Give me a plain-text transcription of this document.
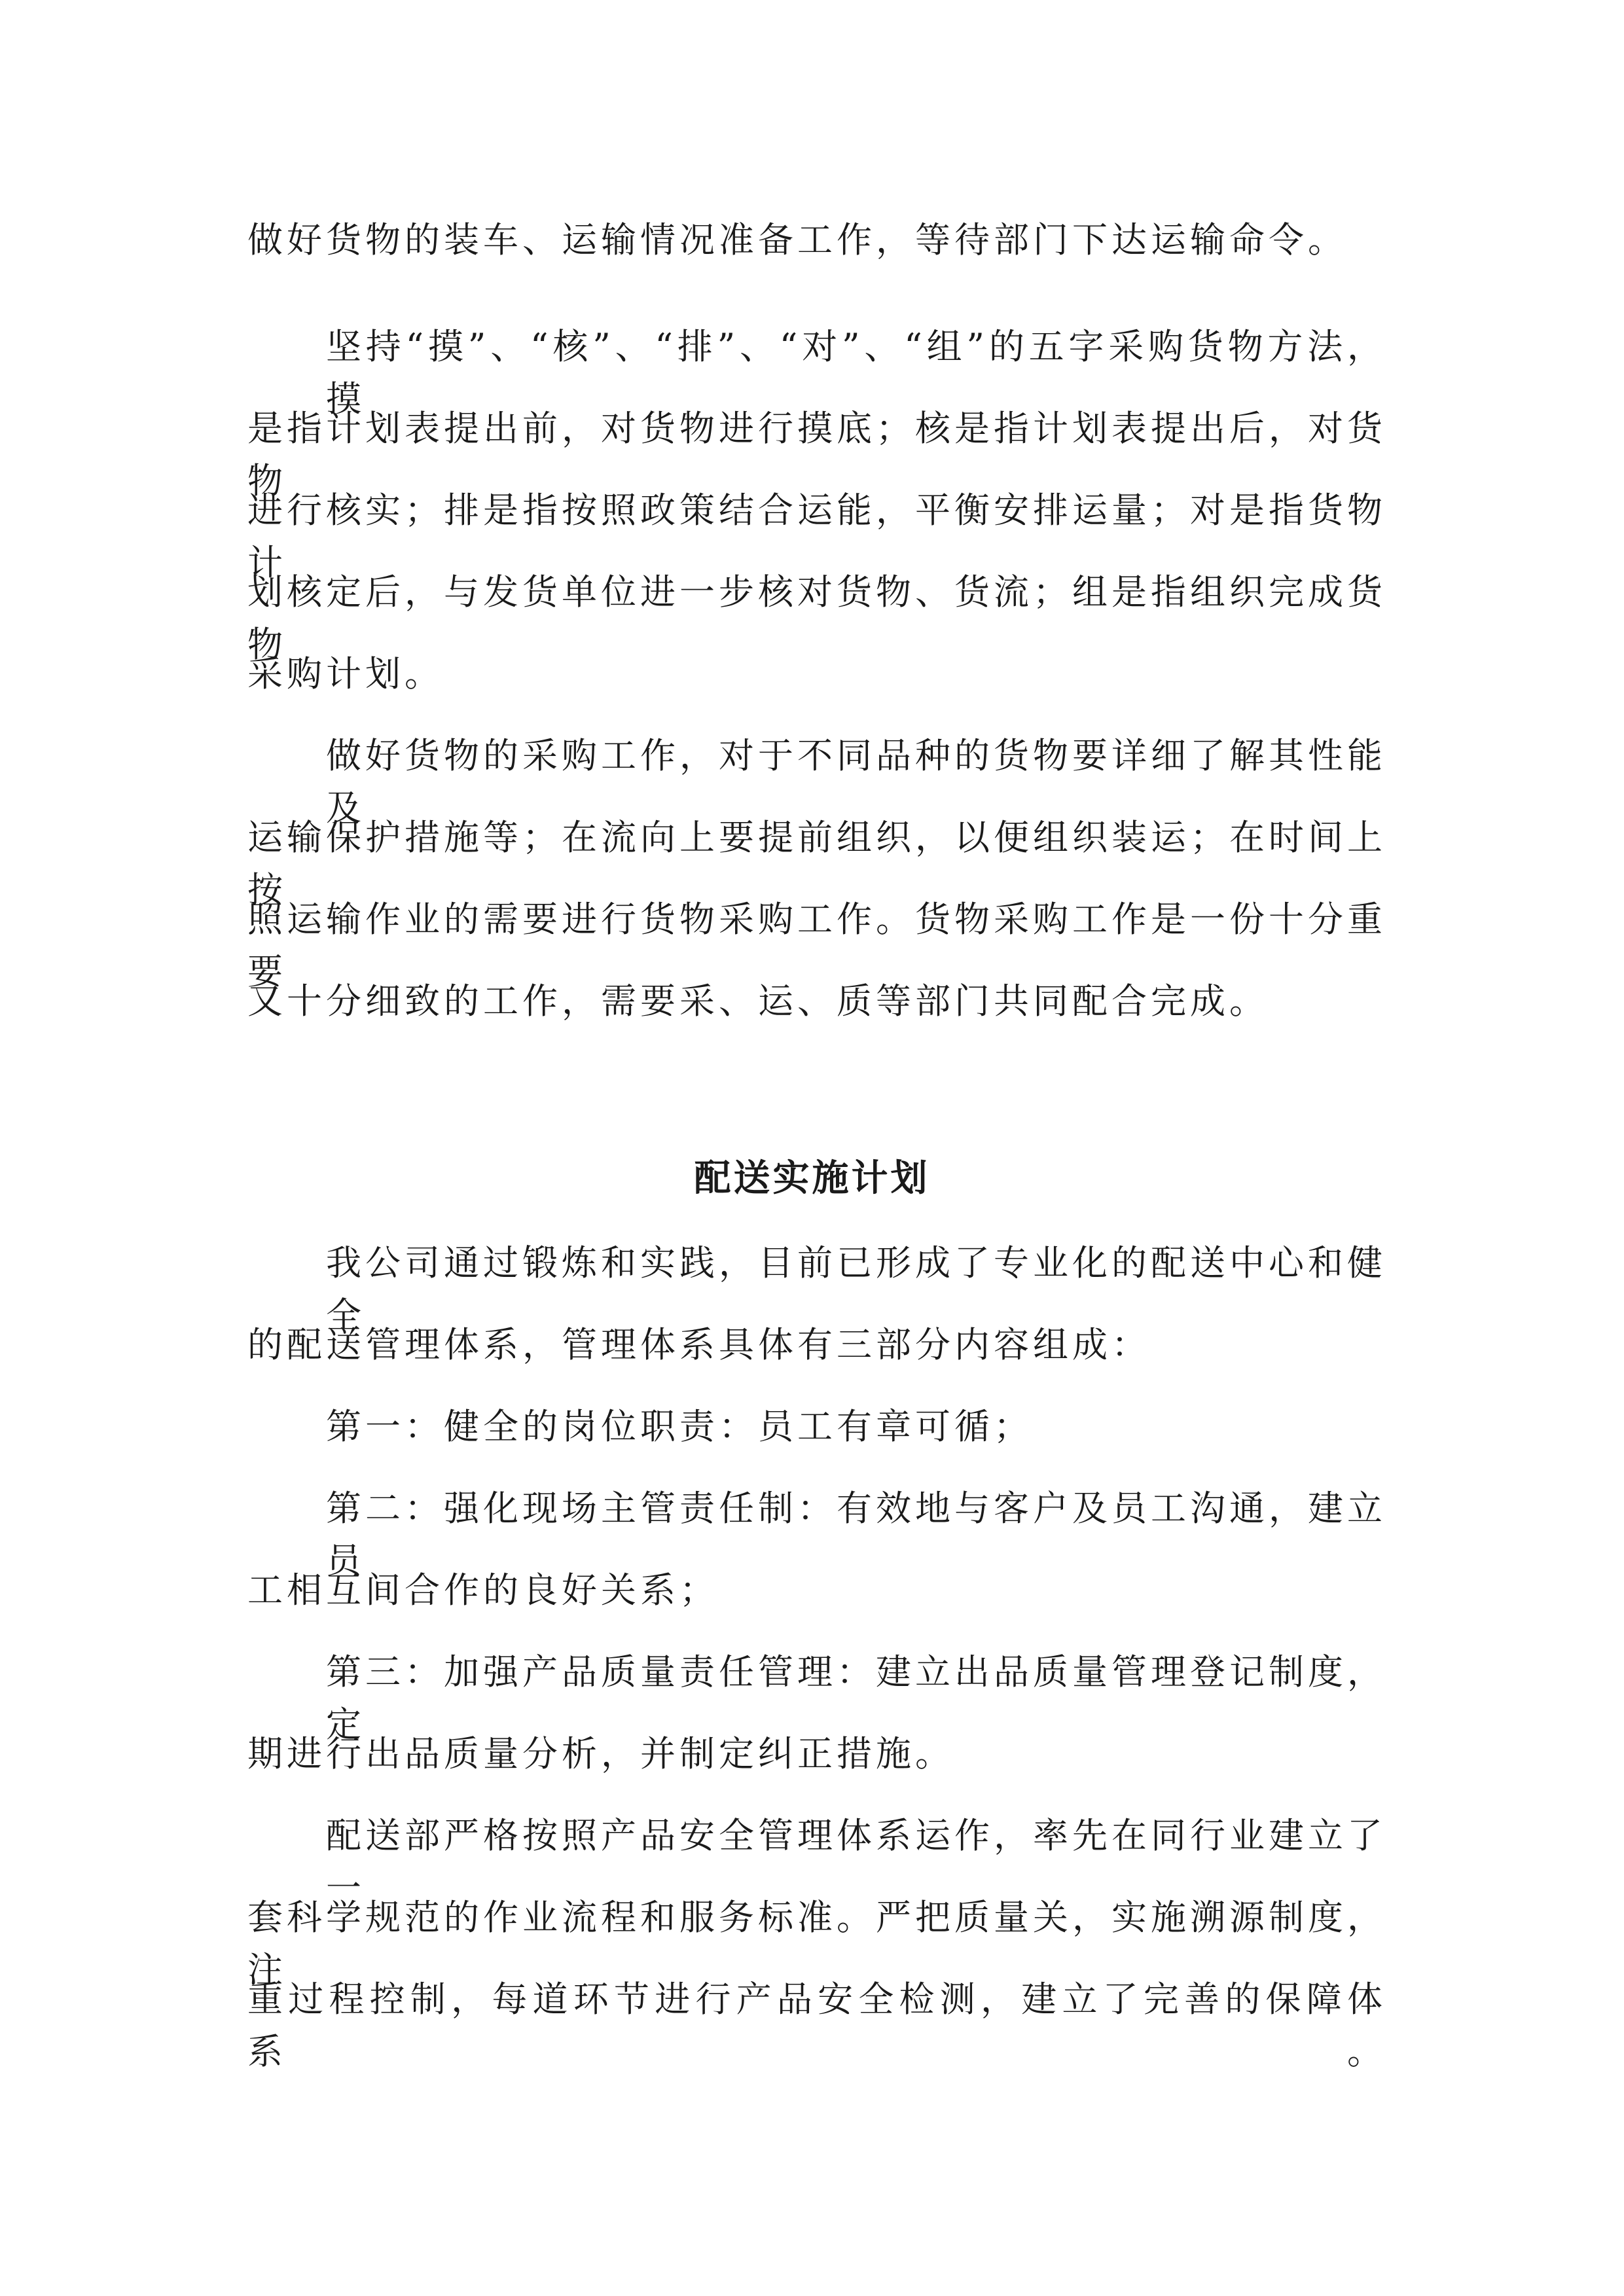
做好货物的装车、运输情况准备工作，等待部门下达运输命令。
坚持“摸”、“核”、“排”、“对”、“组”的五字采购货物方法，摸
是指计划表提出前，对货物进行摸底；核是指计划表提出后，对货物
进行核实；排是指按照政策结合运能，平衡安排运量；对是指货物计
划核定后，与发货单位进一步核对货物、货流；组是指组织完成货物
采购计划。
做好货物的采购工作，对于不同品种的货物要详细了解其性能及
运输保护措施等；在流向上要提前组织，以便组织装运；在时间上按
照运输作业的需要进行货物采购工作。货物采购工作是一份十分重要
又十分细致的工作，需要采、运、质等部门共同配合完成。
配送实施计划
我公司通过锻炼和实践，目前已形成了专业化的配送中心和健全
的配送管理体系，管理体系具体有三部分内容组成：
第一：健全的岗位职责：员工有章可循；
第二：强化现场主管责任制：有效地与客户及员工沟通，建立员
工相互间合作的良好关系；
第三：加强产品质量责任管理：建立出品质量管理登记制度，定
期进行出品质量分析，并制定纠正措施。
配送部严格按照产品安全管理体系运作，率先在同行业建立了一
套科学规范的作业流程和服务标准。严把质量关，实施溯源制度，注
重过程控制，每道环节进行产品安全检测，建立了完善的保障体系。
